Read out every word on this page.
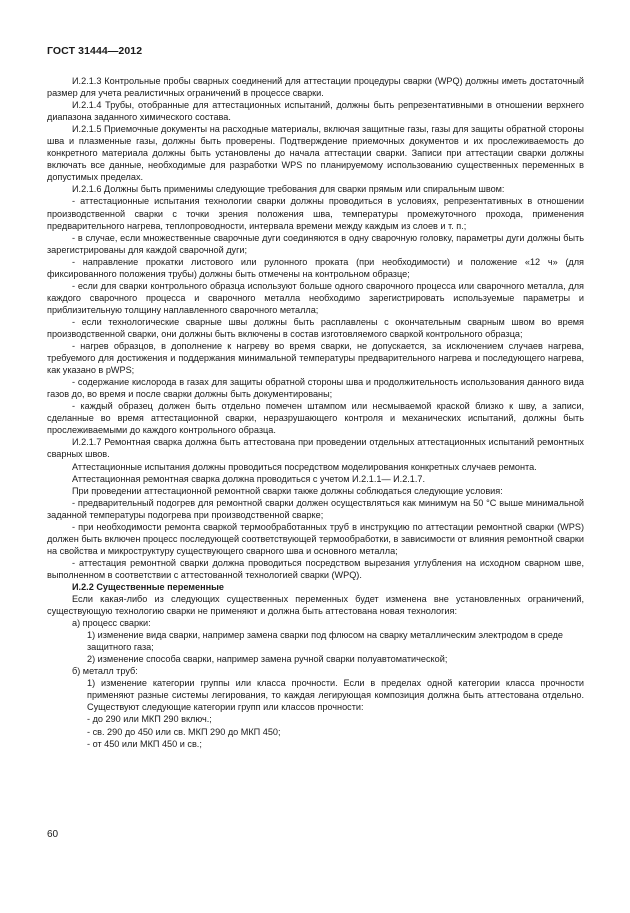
ГОСТ 31444—2012

И.2.1.3 Контрольные пробы сварных соединений для аттестации процедуры сварки (WPQ) должны иметь достаточный размер для учета реалистичных ограничений в процессе сварки.

И.2.1.4 Трубы, отобранные для аттестационных испытаний, должны быть репрезентативными в отношении верхнего диапазона заданного химического состава.

И.2.1.5 Приемочные документы на расходные материалы, включая защитные газы, газы для защиты обратной стороны шва и плазменные газы, должны быть проверены. Подтверждение приемочных документов и их прослеживаемость до конкретного материала должны быть установлены до начала аттестации сварки. Записи при аттестации сварки должны включать все данные, необходимые для разработки WPS по планируемому использованию существенных переменных в допустимых пределах.

И.2.1.6 Должны быть применимы следующие требования для сварки прямым или спиральным швом:

- аттестационные испытания технологии сварки должны проводиться в условиях, репрезентативных в отношении производственной сварки с точки зрения положения шва, температуры промежуточного прохода, применения предварительного нагрева, теплопроводности, интервала времени между каждым из слоев и т. п.;

- в случае, если множественные сварочные дуги соединяются в одну сварочную головку, параметры дуги должны быть зарегистрированы для каждой сварочной дуги;

- направление прокатки листового или рулонного проката (при необходимости) и положение «12 ч» (для фиксированного положения трубы) должны быть отмечены на контрольном образце;

- если для сварки контрольного образца используют больше одного сварочного процесса или сварочного металла, для каждого сварочного процесса и сварочного металла необходимо зарегистрировать используемые параметры и приблизительную толщину наплавленного сварочного металла;

- если технологические сварные швы должны быть расплавлены с окончательным сварным швом во время производственной сварки, они должны быть включены в состав изготовляемого сваркой контрольного образца;

- нагрев образцов, в дополнение к нагреву во время сварки, не допускается, за исключением случаев нагрева, требуемого для достижения и поддержания минимальной температуры предварительного нагрева и последующего нагрева, как указано в pWPS;

- содержание кислорода в газах для защиты обратной стороны шва и продолжительность использования данного вида газов до, во время и после сварки должны быть документированы;

- каждый образец должен быть отдельно помечен штампом или несмываемой краской близко к шву, а записи, сделанные во время аттестационной сварки, неразрушающего контроля и механических испытаний, должны быть прослеживаемыми до каждого контрольного образца.

И.2.1.7 Ремонтная сварка должна быть аттестована при проведении отдельных аттестационных испытаний ремонтных сварных швов.

Аттестационные испытания должны проводиться посредством моделирования конкретных случаев ремонта.

Аттестационная ремонтная сварка должна проводиться с учетом И.2.1.1— И.2.1.7.

При проведении аттестационной ремонтной сварки также должны соблюдаться следующие условия:

- предварительный подогрев для ремонтной сварки должен осуществляться как минимум на 50 °С выше минимальной заданной температуры подогрева при производственной сварке;

- при необходимости ремонта сваркой термообработанных труб в инструкцию по аттестации ремонтной сварки (WPS) должен быть включен процесс последующей соответствующей термообработки, в зависимости от влияния ремонтной сварки на свойства и микроструктуру существующего сварного шва и основного металла;

- аттестация ремонтной сварки должна проводиться посредством вырезания углубления на исходном сварном шве, выполненном в соответствии с аттестованной технологией сварки (WPQ).

И.2.2 Существенные переменные

Если какая-либо из следующих существенных переменных будет изменена вне установленных ограничений, существующую технологию сварки не применяют и должна быть аттестована новая технология:

а) процесс сварки:

1) изменение вида сварки, например замена сварки под флюсом на сварку металлическим электродом в среде защитного газа;

2) изменение способа сварки, например замена ручной сварки полуавтоматической;

б) металл труб:

1) изменение категории группы или класса прочности. Если в пределах одной категории класса прочности применяют разные системы легирования, то каждая легирующая композиция должна быть аттестована отдельно. Существуют следующие категории групп или классов прочности:

- до 290 или МКП 290 включ.;

- св. 290 до 450 или св. МКП 290 до МКП 450;

- от 450 или МКП 450 и св.;

60
